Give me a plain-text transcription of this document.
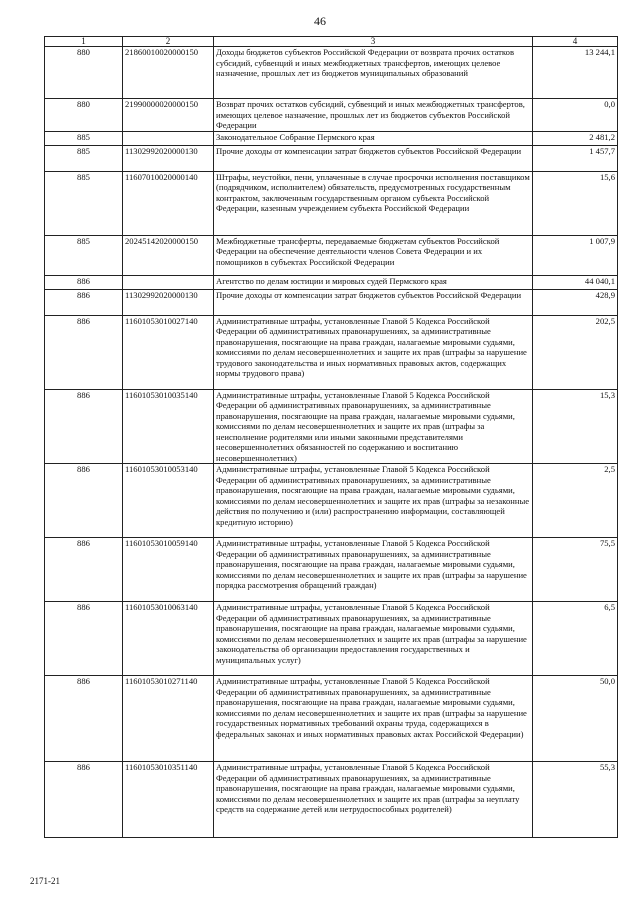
46
1	2	3	4
880	21860010020000150	Доходы бюджетов субъектов Российской Федерации от возврата прочих остатков субсидий, субвенций и иных межбюджетных трансфертов, имеющих целевое назначение, прошлых лет из бюджетов муниципальных образований	13 244,1
880	21990000020000150	Возврат прочих остатков субсидий, субвенций и иных межбюджетных трансфертов, имеющих целевое назначение, прошлых лет из бюджетов субъектов Российской Федерации	0,0
885		Законодательное Собрание Пермского края	2 481,2
885	11302992020000130	Прочие доходы от компенсации затрат бюджетов субъектов Российской Федерации	1 457,7
885	11607010020000140	Штрафы, неустойки, пени, уплаченные в случае просрочки исполнения поставщиком (подрядчиком, исполнителем) обязательств, предусмотренных государственным контрактом, заключенным государственным органом субъекта Российской Федерации, казенным учреждением субъекта Российской Федерации	15,6
885	20245142020000150	Межбюджетные трансферты, передаваемые бюджетам субъектов Российской Федерации на обеспечение деятельности членов Совета Федерации и их помощников в субъектах Российской Федерации	1 007,9
886		Агентство по делам юстиции и мировых судей Пермского края	44 040,1
886	11302992020000130	Прочие доходы от компенсации затрат бюджетов субъектов Российской Федерации	428,9
886	11601053010027140	Административные штрафы, установленные Главой 5 Кодекса Российской Федерации об административных правонарушениях, за административные правонарушения, посягающие на права граждан, налагаемые мировыми судьями, комиссиями по делам несовершеннолетних и защите их прав (штрафы за нарушение трудового законодательства и иных нормативных правовых актов, содержащих нормы трудового права)	202,5
886	11601053010035140	Административные штрафы, установленные Главой 5 Кодекса Российской Федерации об административных правонарушениях, за административные правонарушения, посягающие на права граждан, налагаемые мировыми судьями, комиссиями по делам несовершеннолетних и защите их прав (штрафы за неисполнение родителями или иными законными представителями несовершеннолетних обязанностей по содержанию и воспитанию несовершеннолетних)	15,3
886	11601053010053140	Административные штрафы, установленные Главой 5 Кодекса Российской Федерации об административных правонарушениях, за административные правонарушения, посягающие на права граждан, налагаемые мировыми судьями, комиссиями по делам несовершеннолетних и защите их прав (штрафы за незаконные действия по получению и (или) распространению информации, составляющей кредитную историю)	2,5
886	11601053010059140	Административные штрафы, установленные Главой 5 Кодекса Российской Федерации об административных правонарушениях, за административные правонарушения, посягающие на права граждан, налагаемые мировыми судьями, комиссиями по делам несовершеннолетних и защите их прав (штрафы за нарушение порядка рассмотрения обращений граждан)	75,5
886	11601053010063140	Административные штрафы, установленные Главой 5 Кодекса Российской Федерации об административных правонарушениях, за административные правонарушения, посягающие на права граждан, налагаемые мировыми судьями, комиссиями по делам несовершеннолетних и защите их прав (штрафы за нарушение законодательства об организации предоставления государственных и муниципальных услуг)	6,5
886	11601053010271140	Административные штрафы, установленные Главой 5 Кодекса Российской Федерации об административных правонарушениях, за административные правонарушения, посягающие на права граждан, налагаемые мировыми судьями, комиссиями по делам несовершеннолетних и защите их прав (штрафы за нарушение государственных нормативных требований охраны труда, содержащихся в федеральных законах и иных нормативных правовых актах Российской Федерации)	50,0
886	11601053010351140	Административные штрафы, установленные Главой 5 Кодекса Российской Федерации об административных правонарушениях, за административные правонарушения, посягающие на права граждан, налагаемые мировыми судьями, комиссиями по делам несовершеннолетних и защите их прав (штрафы за неуплату средств на содержание детей или нетрудоспособных родителей)	55,3
2171-21
